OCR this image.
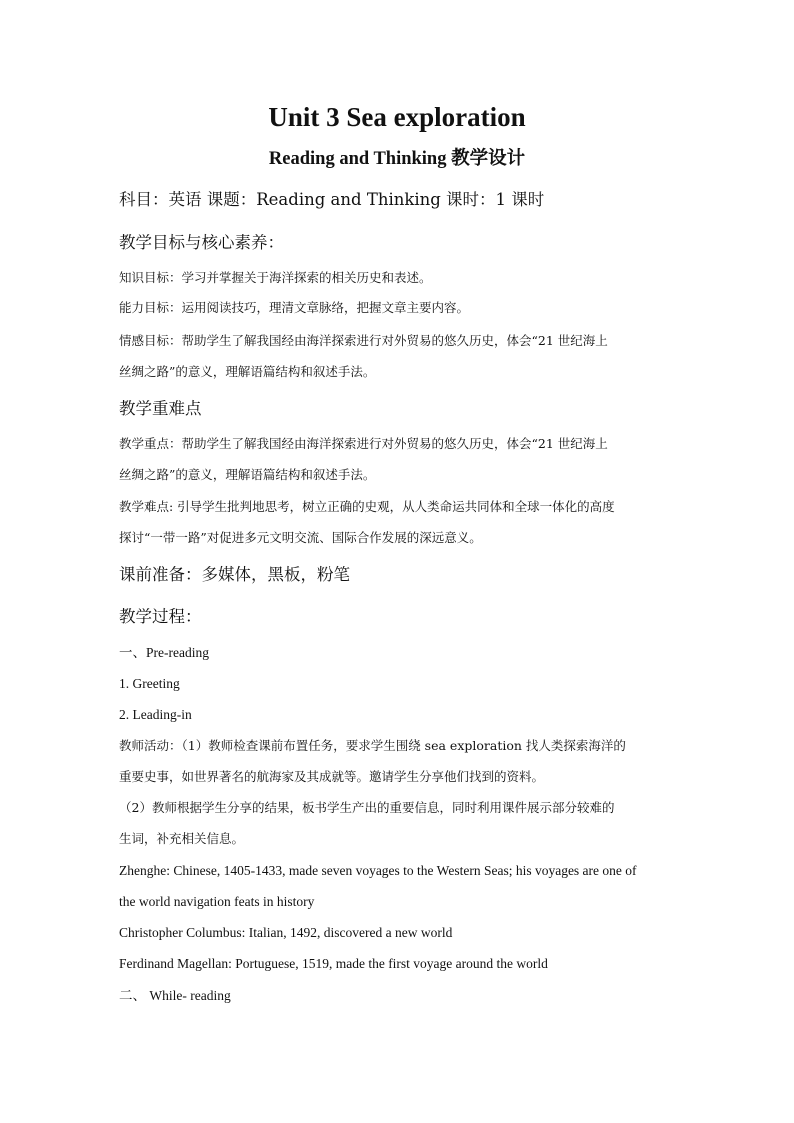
Unit 3 Sea exploration
Reading and Thinking 教学设计
科目：英语 课题：Reading and Thinking 课时：1 课时
教学目标与核心素养：
知识目标：学习并掌握关于海洋探索的相关历史和表述。
能力目标：运用阅读技巧，理清文章脉络，把握文章主要内容。
情感目标：帮助学生了解我国经由海洋探索进行对外贸易的悠久历史，体会“21 世纪海上
丝绸之路”的意义，理解语篇结构和叙述手法。
教学重难点
教学重点：帮助学生了解我国经由海洋探索进行对外贸易的悠久历史，体会“21 世纪海上
丝绸之路”的意义，理解语篇结构和叙述手法。
教学难点: 引导学生批判地思考，树立正确的史观，从人类命运共同体和全球一体化的高度
探讨“一带一路”对促进多元文明交流、国际合作发展的深远意义。
课前准备：多媒体，黑板，粉笔
教学过程：
一、Pre-reading
1. Greeting
2. Leading-in
教师活动：（1）教师检查课前布置任务，要求学生围绕 sea exploration 找人类探索海洋的
重要史事，如世界著名的航海家及其成就等。邀请学生分享他们找到的资料。
（2）教师根据学生分享的结果，板书学生产出的重要信息，同时利用课件展示部分较难的
生词，补充相关信息。
Zhenghe: Chinese, 1405-1433, made seven voyages to the Western Seas; his voyages are one of
the world navigation feats in history
Christopher Columbus: Italian, 1492, discovered a new world
Ferdinand Magellan: Portuguese, 1519, made the first voyage around the world
二、 While- reading
